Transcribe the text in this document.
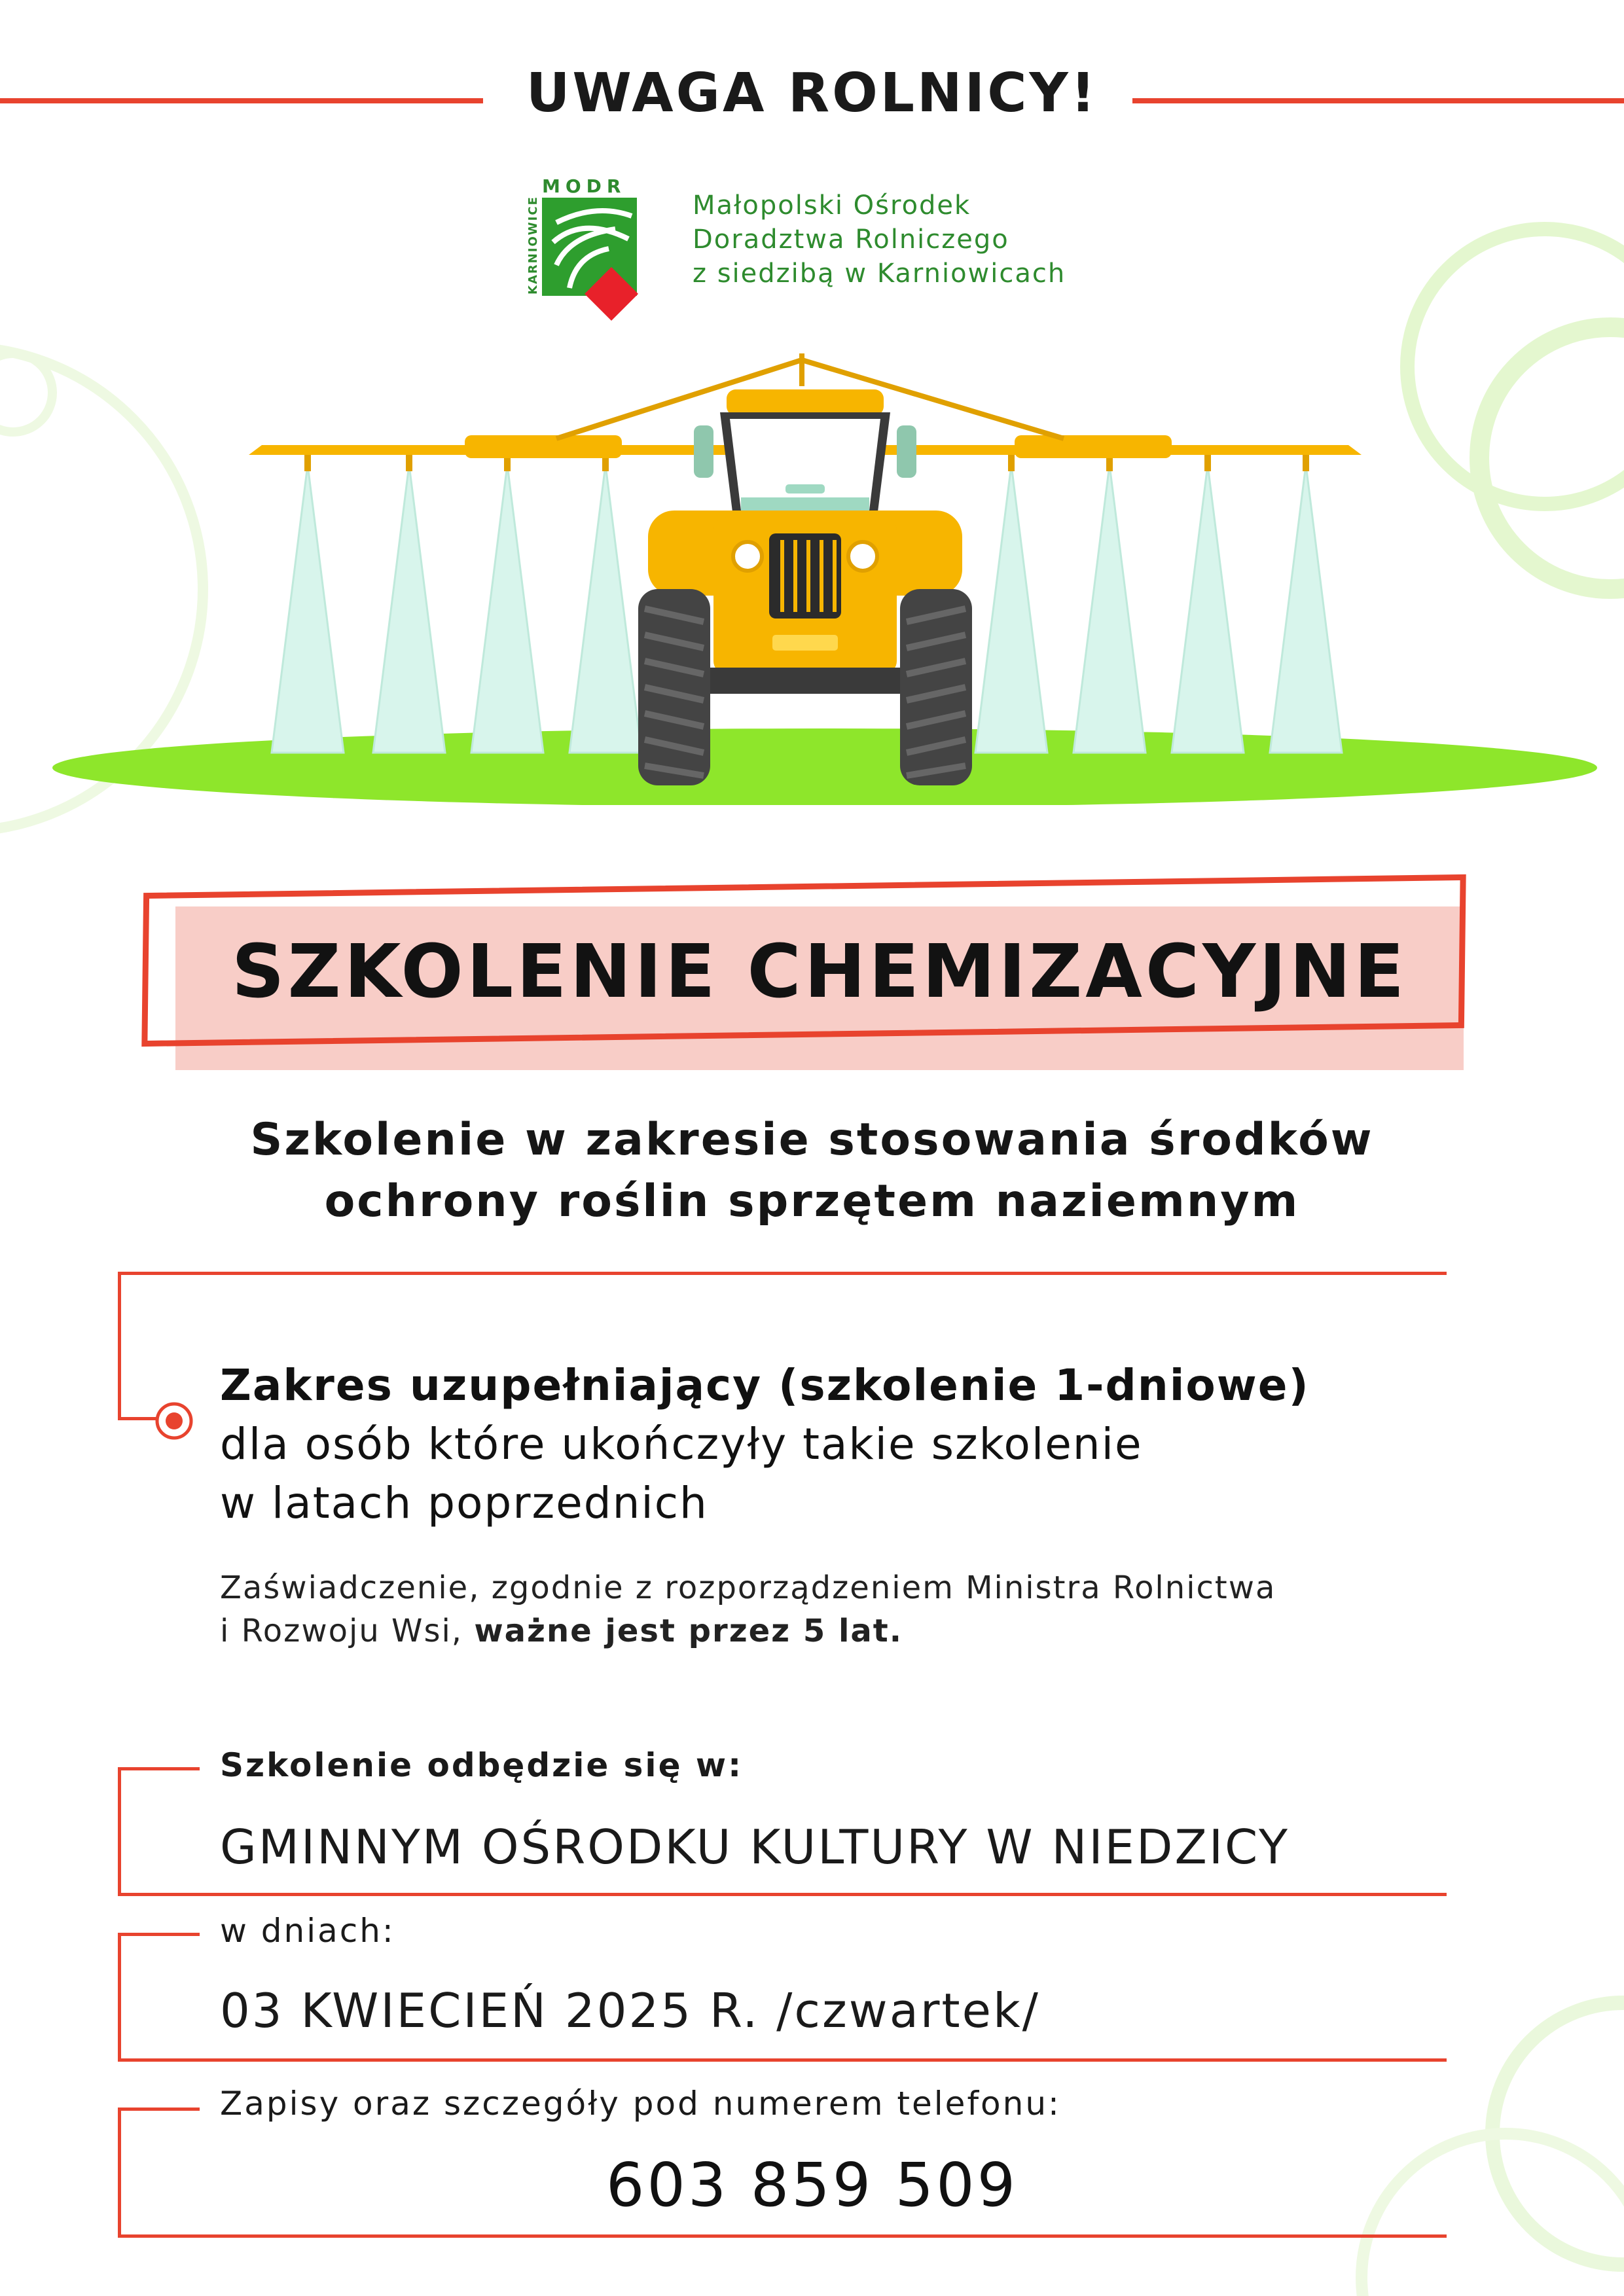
UWAGA ROLNICY!
MODR
KARNIOWICE	Małopolski Ośrodek
Doradztwa Rolniczego
z siedzibą w Karniowicach
SZKOLENIE CHEMIZACYJNE
Szkolenie w zakresie stosowania środków
ochrony roślin sprzętem naziemnym
Zakres uzupełniający (szkolenie 1-dniowe)
dla osób które ukończyły takie szkolenie
w latach poprzednich
Zaświadczenie, zgodnie z rozporządzeniem Ministra Rolnictwa
i Rozwoju Wsi, ważne jest przez 5 lat.
Szkolenie odbędzie się w:
GMINNYM OŚRODKU KULTURY W NIEDZICY
w dniach:
03 KWIECIEŃ 2025 R. /czwartek/
Zapisy oraz szczegóły pod numerem telefonu:
603 859 509
